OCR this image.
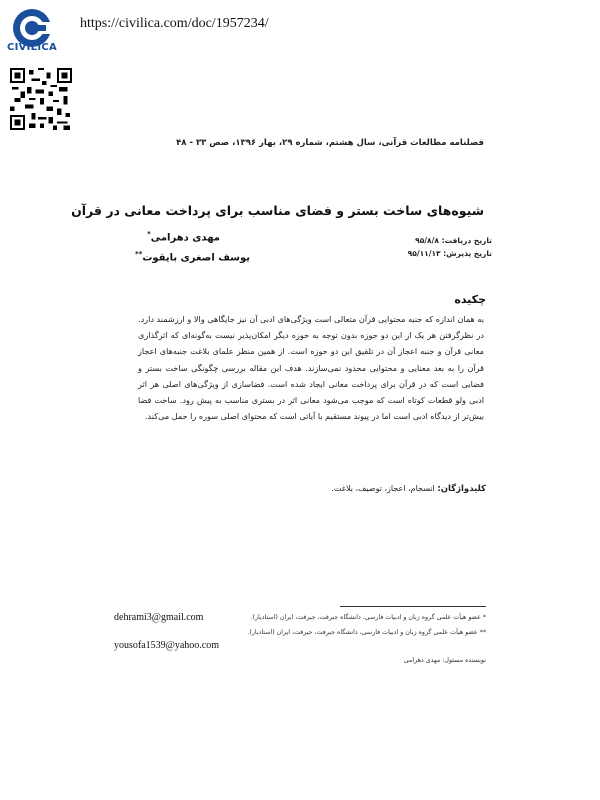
CIVILICA
https://civilica.com/doc/1957234/
فصلنامه مطالعات قرآنی، سال هشتم، شماره ۲۹، بهار ۱۳۹۶، صص ۳۳ - ۴۸
شیوه‌های ساخت بستر و فضای مناسب برای پرداخت معانی در قرآن
مهدی دهرامی*
یوسف اصغری بایقوت**
تاریخ دریافت: ۹۵/۸/۸
تاریخ پذیرش: ۹۵/۱۱/۱۳
چکیده
به همان اندازه که جنبه محتوایی قرآن متعالی است ویژگی‌های ادبی آن نیز جایگاهی والا و ارزشمند دارد. در نظرگرفتن هر یک از این دو حوزه بدون توجه به حوزه دیگر امکان‌پذیر نیست به‌گونه‌ای که اثرگذاری معانی قرآن و جنبه اعجاز آن در تلفیق این دو حوزه است. از همین منظر علمای بلاغت جنبه‌های اعجاز قرآن را به بعد معنایی و محتوایی محدود نمی‌سازند. هدف این مقاله بررسی چگونگی ساخت بستر و فضایی است که در قرآن برای پرداخت معانی ایجاد شده است. فضاسازی از ویژگی‌های اصلی هر اثر ادبی ولو قطعات کوتاه است که موجب می‌شود معانی اثر در بستری مناسب به پیش رود. ساخت فضا بیش‌تر از دیدگاه ادبی است اما در پیوند مستقیم با آیاتی است که محتوای اصلی سوره را حمل می‌کند.
کلیدواژگان: انسجام، اعجاز، توصیف، بلاغت.
* عضو هیأت علمی گروه زبان و ادبیات فارسی، دانشگاه جیرفت، جیرفت، ایران (استادیار).
dehrami3@gmail.com
** عضو هیأت علمی گروه زبان و ادبیات فارسی، دانشگاه جیرفت، جیرفت، ایران (استادیار).
yousofa1539@yahoo.com
نویسنده مسئول: مهدی دهرامی
